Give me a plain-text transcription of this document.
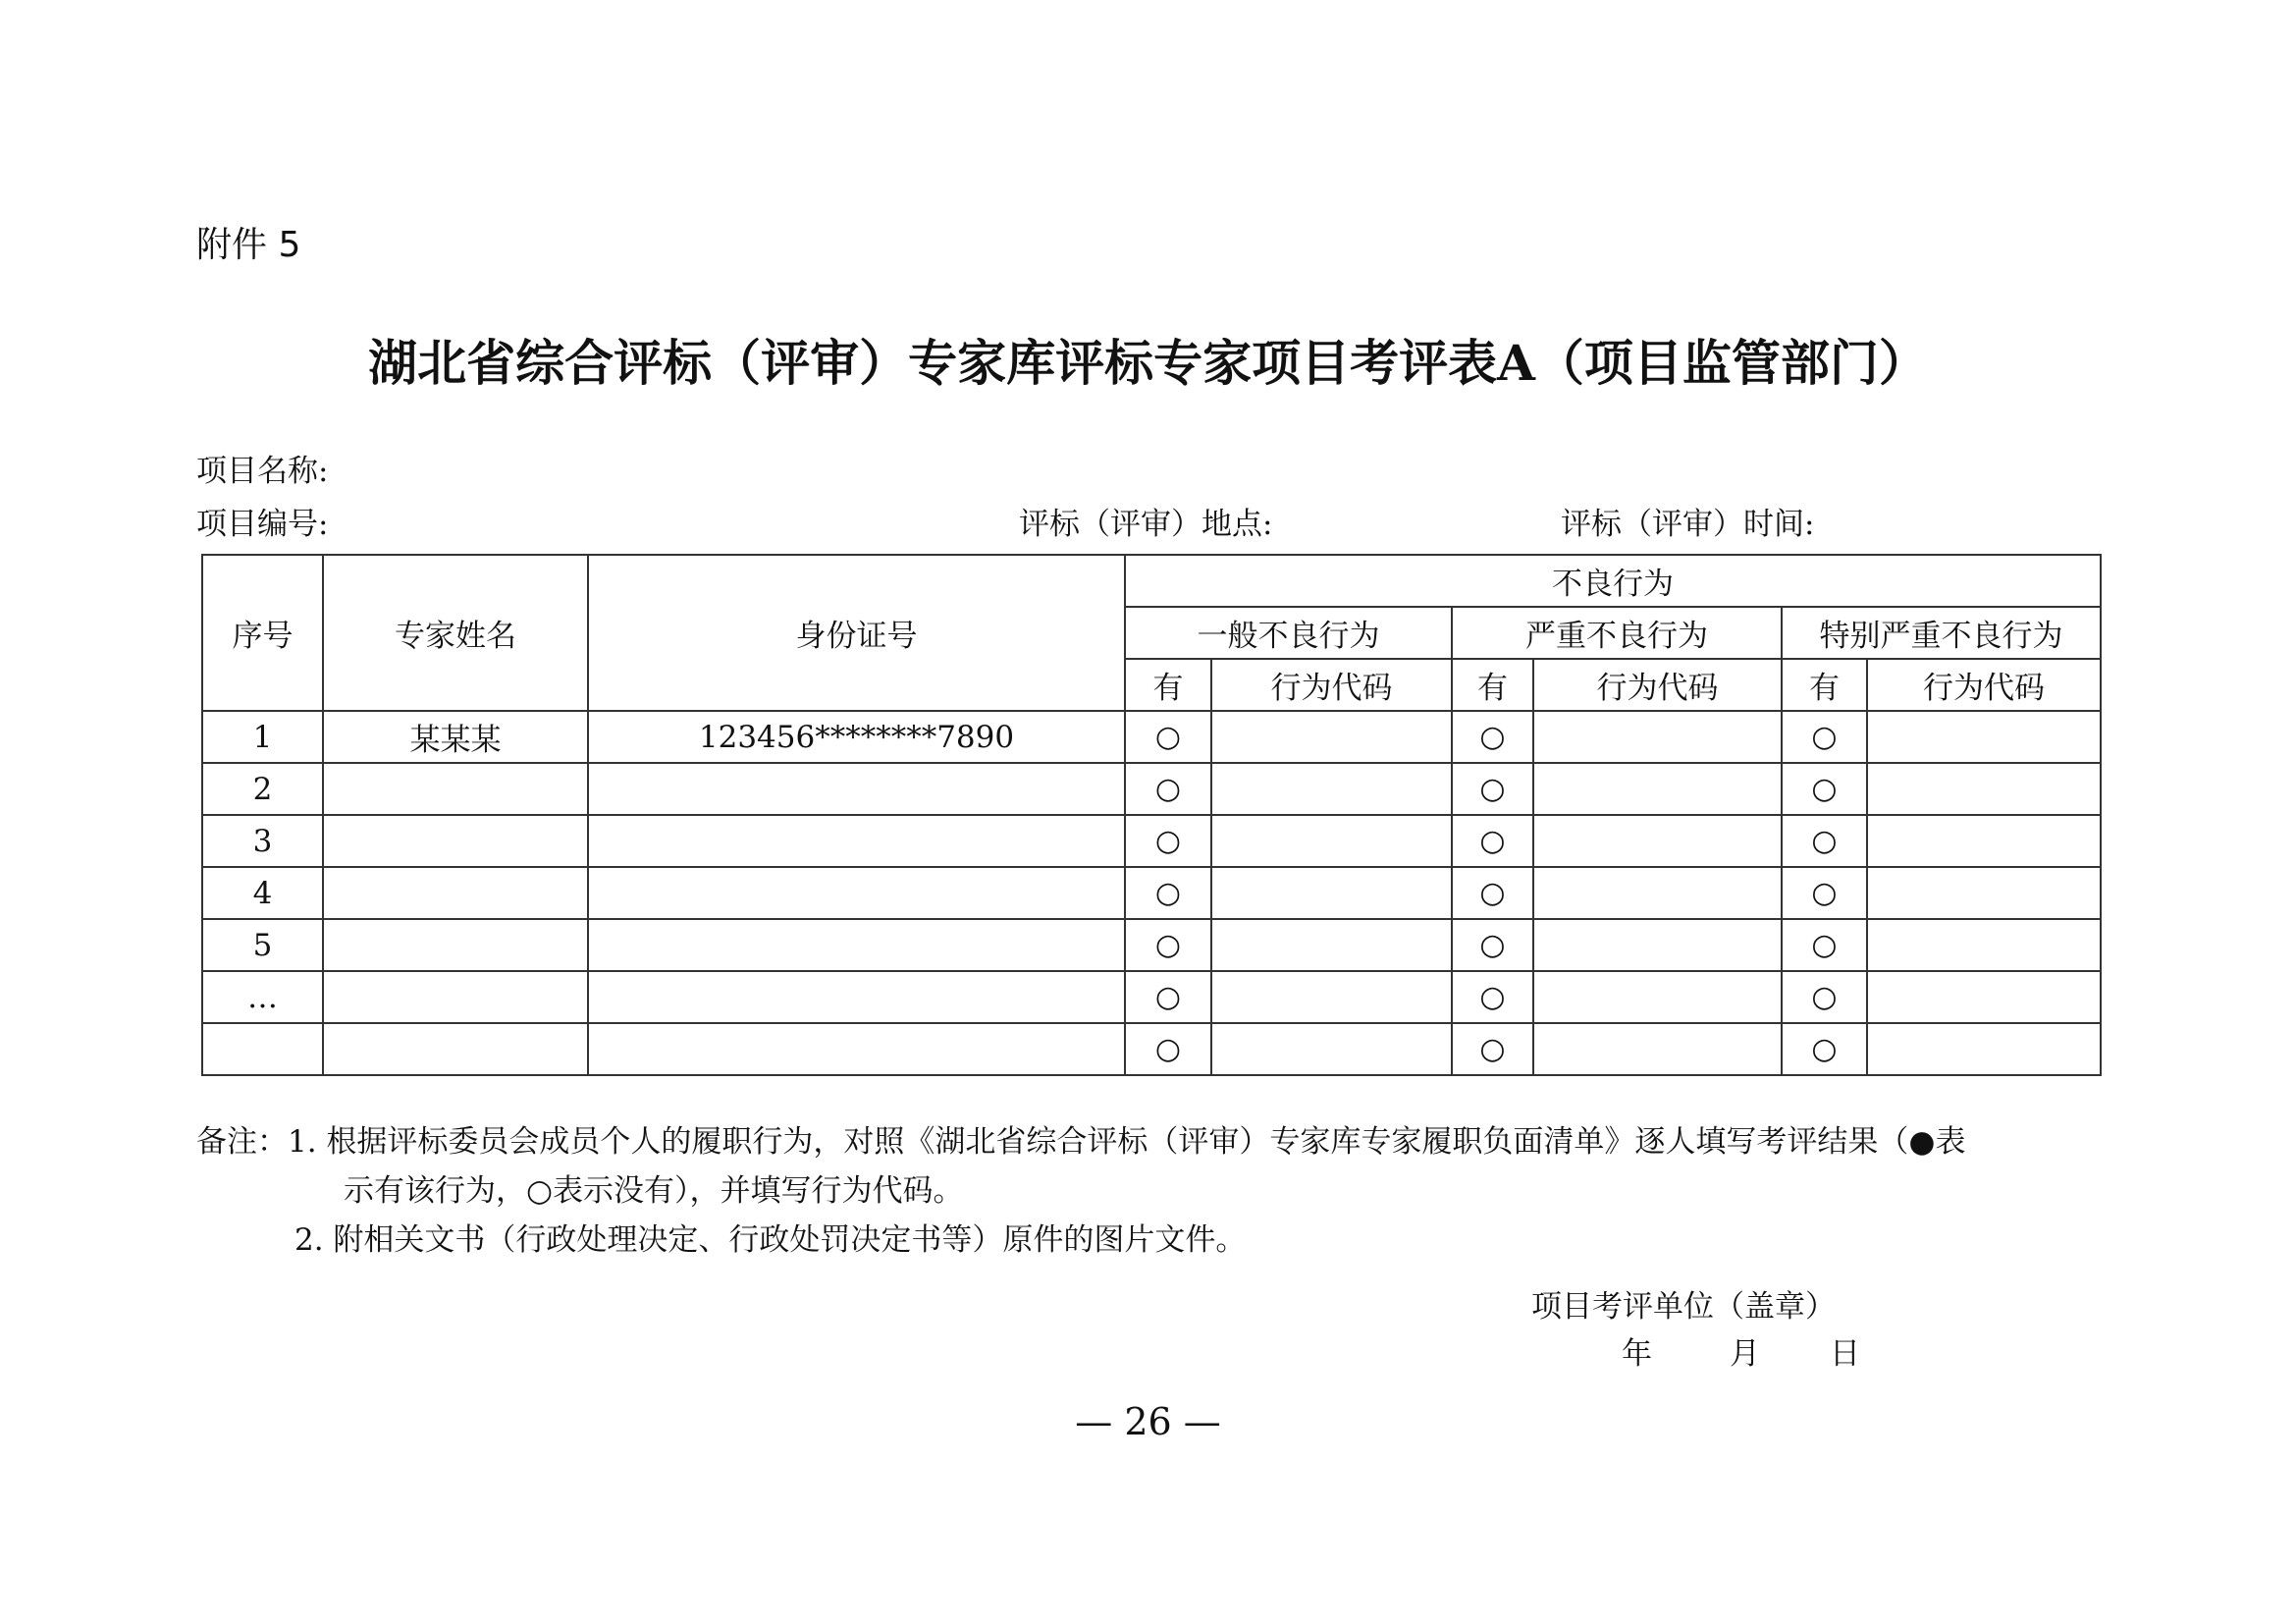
附件 5
湖北省综合评标（评审）专家库评标专家项目考评表A（项目监管部门）
项目名称:
项目编号:	评标（评审）地点:	评标（评审）时间:
序号	专家姓名	身份证号	不良行为					
			一般不良行为		严重不良行为		特别严重不良行为	
			有	行为代码	有	行为代码	有	行为代码
1	某某某	123456********7890	○		○		○	
2			○		○		○	
3			○		○		○	
4			○		○		○	
5			○		○		○	
…			○		○		○	
			○		○		○	
备注：1. 根据评标委员会成员个人的履职行为，对照《湖北省综合评标（评审）专家库专家履职负面清单》逐人填写考评结果（●表
示有该行为，○表示没有），并填写行为代码。
2. 附相关文书（行政处理决定、行政处罚决定书等）原件的图片文件。
项目考评单位（盖章）
年	月 日
— 26 —
